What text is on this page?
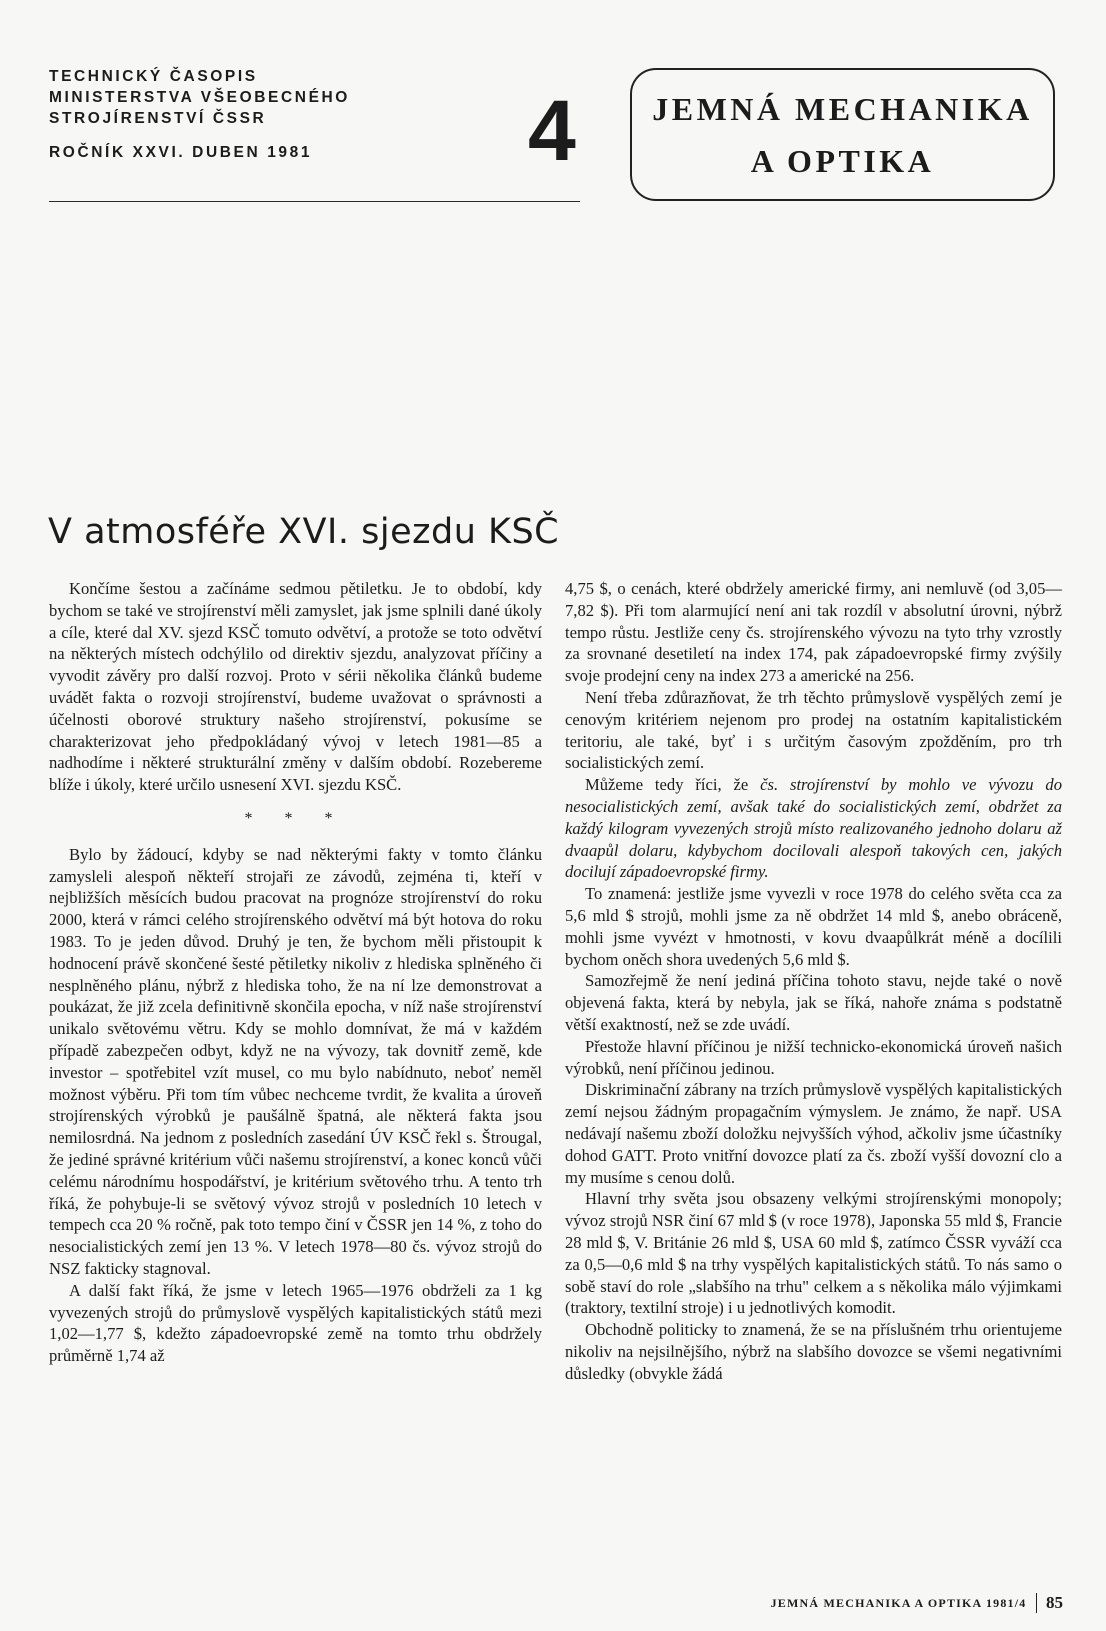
TECHNICKÝ ČASOPIS
MINISTERSTVA VŠEOBECNÉHO
STROJÍRENSTVÍ ČSSR
ROČNÍK XXVI. DUBEN 1981	4 JEMNÁ MECHANIKA
A OPTIKA
V atmosféře XVI. sjezdu KSČ

Končíme šestou a začínáme sedmou pětiletku. Je to období, kdy bychom se také ve strojírenství měli zamyslet, jak jsme splnili dané úkoly a cíle, které dal XV. sjezd KSČ tomuto odvětví, a protože se toto odvětví na některých místech odchýlilo od direktiv sjezdu, analyzovat příčiny a vyvodit závěry pro další rozvoj. Proto v sérii několika článků budeme uvádět fakta o rozvoji strojírenství, budeme uvažovat o správnosti a účelnosti oborové struktury našeho strojírenství, pokusíme se charakterizovat jeho předpokládaný vývoj v letech 1981—85 a nadhodíme i některé strukturální změny v dalším období. Rozebereme blíže i úkoly, které určilo usnesení XVI. sjezdu KSČ.

* * *

Bylo by žádoucí, kdyby se nad některými fakty v tomto článku zamysleli alespoň někteří strojaři ze závodů, zejména ti, kteří v nejbližších měsících budou pracovat na prognóze strojírenství do roku 2000, která v rámci celého strojírenského odvětví má být hotova do roku 1983. To je jeden důvod. Druhý je ten, že bychom měli přistoupit k hodnocení právě skončené šesté pětiletky nikoliv z hlediska splněného či nesplněného plánu, nýbrž z hlediska toho, že na ní lze demonstrovat a poukázat, že již zcela definitivně skončila epocha, v níž naše strojírenství unikalo světovému větru. Kdy se mohlo domnívat, že má v každém případě zabezpečen odbyt, když ne na vývozy, tak dovnitř země, kde investor – spotřebitel vzít musel, co mu bylo nabídnuto, neboť neměl možnost výběru. Při tom tím vůbec nechceme tvrdit, že kvalita a úroveň strojírenských výrobků je paušálně špatná, ale některá fakta jsou nemilosrdná. Na jednom z posledních zasedání ÚV KSČ řekl s. Štrougal, že jediné správné kritérium vůči našemu strojírenství, a konec konců vůči celému národnímu hospodářství, je kritérium světového trhu. A tento trh říká, že pohybuje-li se světový vývoz strojů v posledních 10 letech v tempech cca 20 % ročně, pak toto tempo činí v ČSSR jen 14 %, z toho do nesocialistických zemí jen 13 %. V letech 1978—80 čs. vývoz strojů do NSZ fakticky stagnoval.

A další fakt říká, že jsme v letech 1965—1976 obdrželi za 1 kg vyvezených strojů do průmyslově vyspělých kapitalistických států mezi 1,02—1,77 $, kdežto západoevropské země na tomto trhu obdržely průměrně 1,74 až

4,75 $, o cenách, které obdržely americké firmy, ani nemluvě (od 3,05—7,82 $). Při tom alarmující není ani tak rozdíl v absolutní úrovni, nýbrž tempo růstu. Jestliže ceny čs. strojírenského vývozu na tyto trhy vzrostly za srovnané desetiletí na index 174, pak západoevropské firmy zvýšily svoje prodejní ceny na index 273 a americké na 256.

Není třeba zdůrazňovat, že trh těchto průmyslově vyspělých zemí je cenovým kritériem nejenom pro prodej na ostatním kapitalistickém teritoriu, ale také, byť i s určitým časovým zpožděním, pro trh socialistických zemí.

Můžeme tedy říci, že čs. strojírenství by mohlo ve vývozu do nesocialistických zemí, avšak také do socialistických zemí, obdržet za každý kilogram vyvezených strojů místo realizovaného jednoho dolaru až dvaapůl dolaru, kdybychom docilovali alespoň takových cen, jakých docilují západoevropské firmy.

To znamená: jestliže jsme vyvezli v roce 1978 do celého světa cca za 5,6 mld $ strojů, mohli jsme za ně obdržet 14 mld $, anebo obráceně, mohli jsme vyvézt v hmotnosti, v kovu dvaapůlkrát méně a docílili bychom oněch shora uvedených 5,6 mld $.

Samozřejmě že není jediná příčina tohoto stavu, nejde také o nově objevená fakta, která by nebyla, jak se říká, nahoře známa s podstatně větší exaktností, než se zde uvádí.

Přestože hlavní příčinou je nižší technicko-ekonomická úroveň našich výrobků, není příčinou jedinou.

Diskriminační zábrany na trzích průmyslově vyspělých kapitalistických zemí nejsou žádným propagačním výmyslem. Je známo, že např. USA nedávají našemu zboží doložku nejvyšších výhod, ačkoliv jsme účastníky dohod GATT. Proto vnitřní dovozce platí za čs. zboží vyšší dovozní clo a my musíme s cenou dolů.

Hlavní trhy světa jsou obsazeny velkými strojírenskými monopoly; vývoz strojů NSR činí 67 mld $ (v roce 1978), Japonska 55 mld $, Francie 28 mld $, V. Británie 26 mld $, USA 60 mld $, zatímco ČSSR vyváží cca za 0,5—0,6 mld $ na trhy vyspělých kapitalistických států. To nás samo o sobě staví do role „slabšího na trhu" celkem a s několika málo výjimkami (traktory, textilní stroje) i u jednotlivých komodit.

Obchodně politicky to znamená, že se na příslušném trhu orientujeme nikoliv na nejsilnějšího, nýbrž na slabšího dovozce se všemi negativními důsledky (obvykle žádá

JEMNÁ MECHANIKA A OPTIKA 1981/4 85
